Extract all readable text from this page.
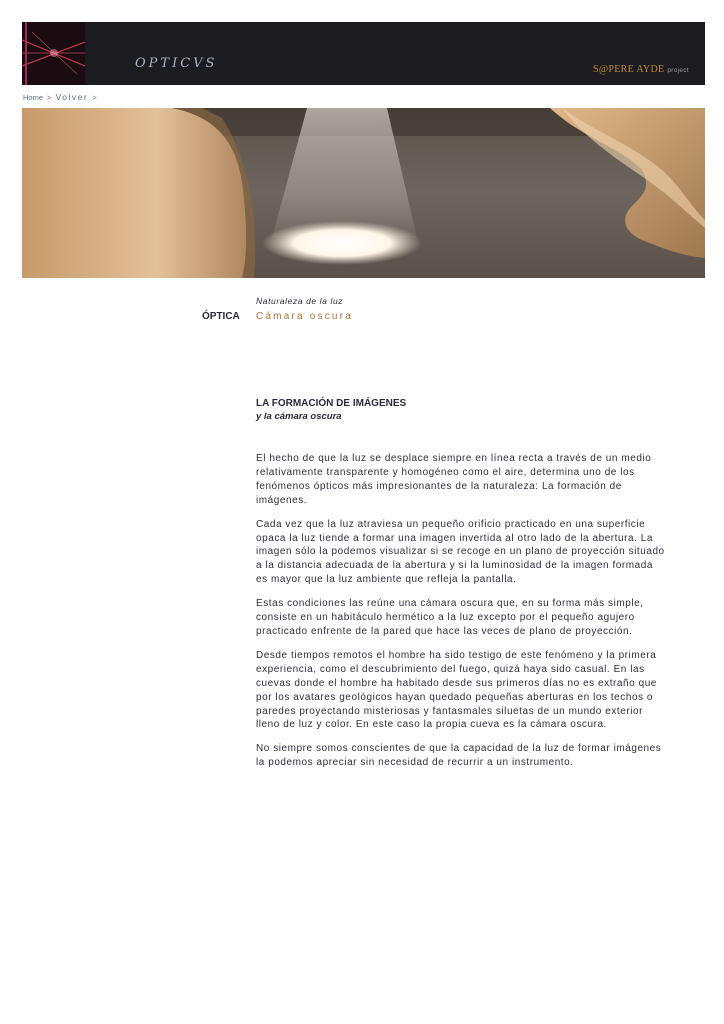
OPTICVS	S@PERE AYDE project
Home > Volver >
Naturaleza de la luz
ÓPTICA Cámara oscura
LA FORMACIÓN DE IMÁGENES
y la cámara oscura

El hecho de que la luz se desplace siempre en línea recta a través de un medio relativamente transparente y homogéneo como el aire, determina uno de los fenómenos ópticos más impresionantes de la naturaleza: La formación de imágenes.

Cada vez que la luz atraviesa un pequeño orificio practicado en una superficie opaca la luz tiende a formar una imagen invertida al otro lado de la abertura. La imagen sólo la podemos visualizar si se recoge en un plano de proyección situado a la distancia adecuada de la abertura y si la luminosidad de la imagen formada es mayor que la luz ambiente que refleja la pantalla.

Estas condiciones las reúne una cámara oscura que, en su forma más simple, consiste en un habitáculo hermético a la luz excepto por el pequeño agujero practicado enfrente de la pared que hace las veces de plano de proyección.

Desde tiempos remotos el hombre ha sido testigo de este fenómeno y la primera experiencia, como el descubrimiento del fuego, quizá haya sido casual. En las cuevas donde el hombre ha habitado desde sus primeros días no es extraño que por los avatares geológicos hayan quedado pequeñas aberturas en los techos o paredes proyectando misteriosas y fantasmales siluetas de un mundo exterior lleno de luz y color. En este caso la propia cueva es la cámara oscura.

No siempre somos conscientes de que la capacidad de la luz de formar imágenes la podemos apreciar sin necesidad de recurrir a un instrumento.
